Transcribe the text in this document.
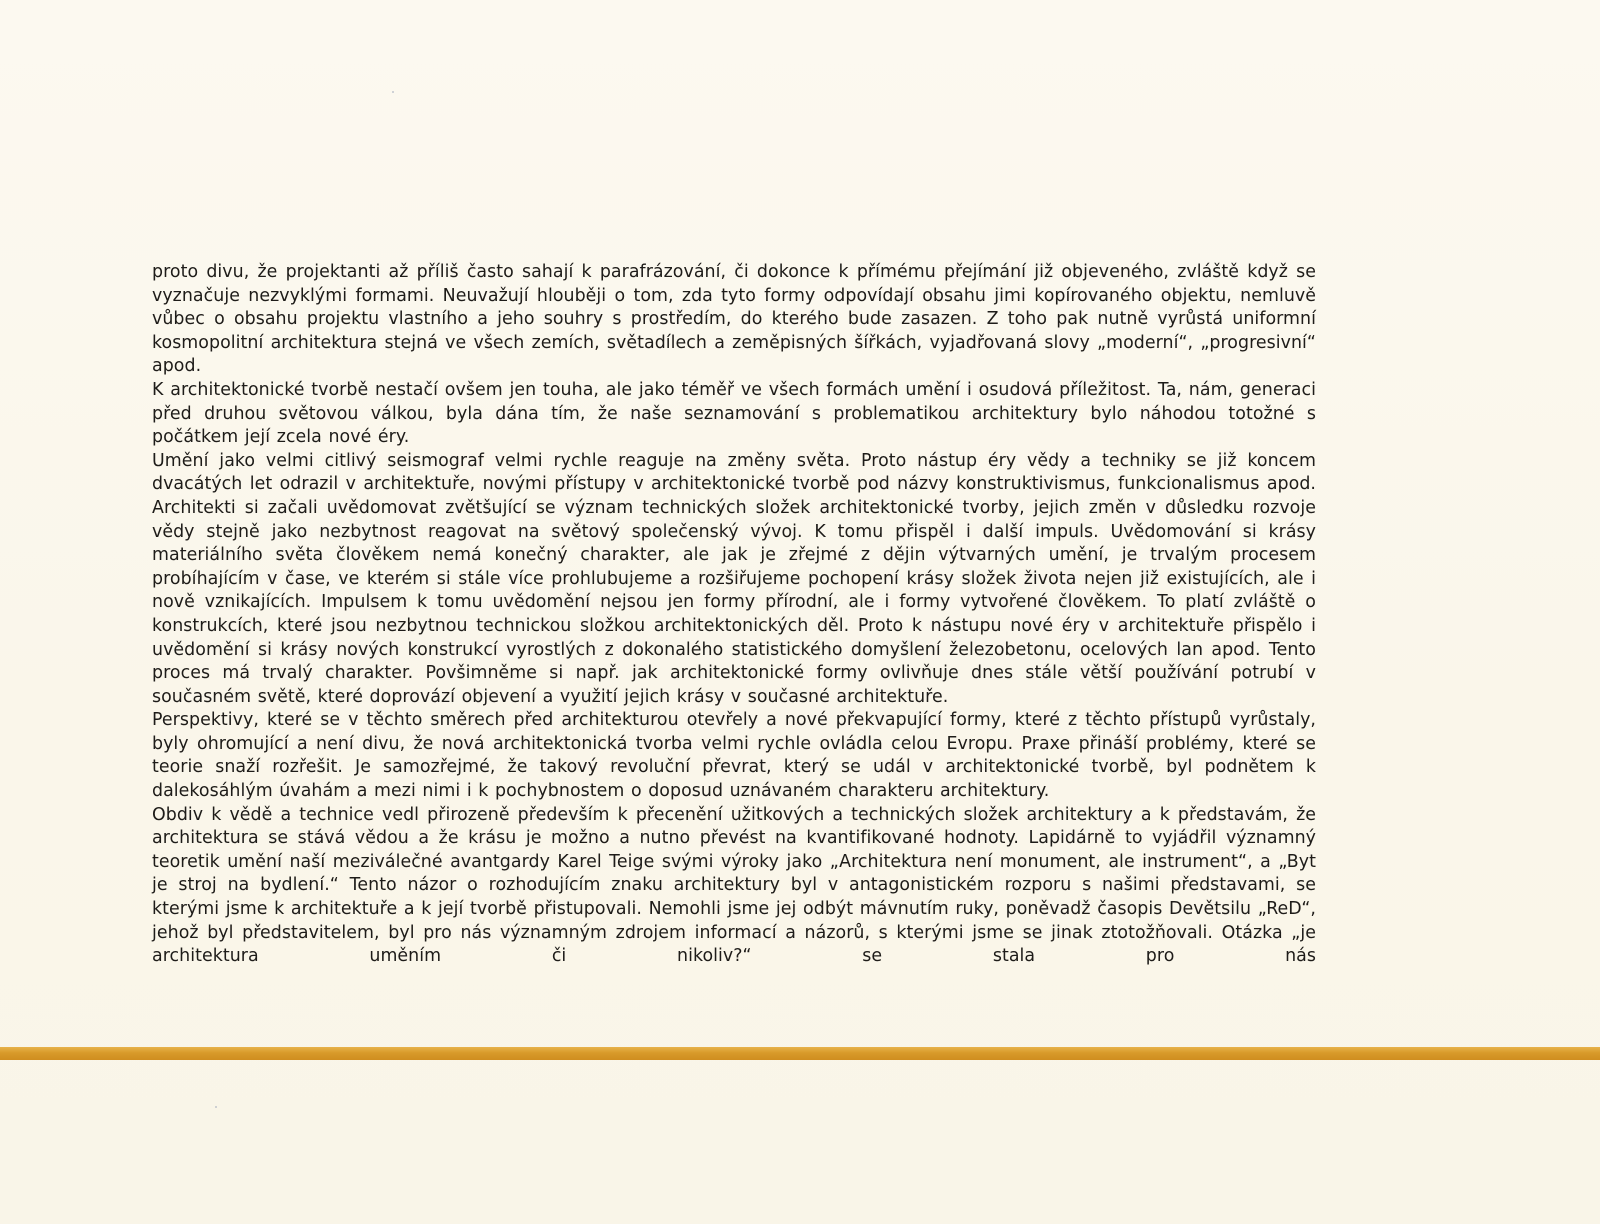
proto divu, že projektanti až příliš často sahají k parafrázování, či dokonce k přímému přejímání již objeveného, zvláště když se vyznačuje nezvyklými formami. Neuvažují hlouběji o tom, zda tyto formy odpovídají obsahu jimi kopírovaného objektu, nemluvě vůbec o obsahu projektu vlastního a jeho souhry s prostředím, do kterého bude zasazen. Z toho pak nutně vyrůstá uniformní kosmopolitní architektura stejná ve všech zemích, světadílech a zeměpisných šířkách, vyjadřovaná slovy „moderní“, „progresivní“ apod.

K architektonické tvorbě nestačí ovšem jen touha, ale jako téměř ve všech formách umění i osudová příležitost. Ta, nám, generaci před druhou světovou válkou, byla dána tím, že naše seznamování s problematikou architektury bylo náhodou totožné s počátkem její zcela nové éry.

Umění jako velmi citlivý seismograf velmi rychle reaguje na změny světa. Proto nástup éry vědy a techniky se již koncem dvacátých let odrazil v architektuře, novými přístupy v architektonické tvorbě pod názvy konstruktivismus, funkcionalismus apod. Architekti si začali uvědomovat zvětšující se význam technických složek architektonické tvorby, jejich změn v důsledku rozvoje vědy stejně jako nezbytnost reagovat na světový společenský vývoj. K tomu přispěl i další impuls. Uvědomování si krásy materiálního světa člověkem nemá konečný charakter, ale jak je zřejmé z dějin výtvarných umění, je trvalým procesem probíhajícím v čase, ve kterém si stále více prohlubujeme a rozšiřujeme pochopení krásy složek života nejen již existujících, ale i nově vznikajících. Impulsem k tomu uvědomění nejsou jen formy přírodní, ale i formy vytvořené člověkem. To platí zvláště o konstrukcích, které jsou nezbytnou technickou složkou architektonických děl. Proto k nástupu nové éry v architektuře přispělo i uvědomění si krásy nových konstrukcí vyrostlých z dokonalého statistického domyšlení železobetonu, ocelových lan apod. Tento proces má trvalý charakter. Povšimněme si např. jak architektonické formy ovlivňuje dnes stále větší používání potrubí v současném světě, které doprovází objevení a využití jejich krásy v současné architektuře.

Perspektivy, které se v těchto směrech před architekturou otevřely a nové překvapující formy, které z těchto přístupů vyrůstaly, byly ohromující a není divu, že nová architektonická tvorba velmi rychle ovládla celou Evropu. Praxe přináší problémy, které se teorie snaží rozřešit. Je samozřejmé, že takový revoluční převrat, který se udál v architektonické tvorbě, byl podnětem k dalekosáhlým úvahám a mezi nimi i k pochybnostem o doposud uznávaném charakteru architektury.

Obdiv k vědě a technice vedl přirozeně především k přecenění užitkových a technických složek architektury a k představám, že architektura se stává vědou a že krásu je možno a nutno převést na kvantifikované hodnoty. Lapidárně to vyjádřil významný teoretik umění naší meziválečné avantgardy Karel Teige svými výroky jako „Architektura není monument, ale instrument“, a „Byt je stroj na bydlení.“ Tento názor o rozhodujícím znaku architektury byl v antagonistickém rozporu s našimi představami, se kterými jsme k architektuře a k její tvorbě přistupovali. Nemohli jsme jej odbýt mávnutím ruky, poněvadž časopis Devětsilu „ReD“, jehož byl představitelem, byl pro nás významným zdrojem informací a názorů, s kterými jsme se jinak ztotožňovali. Otázka „je architektura uměním či nikoliv?“ se stala pro nás
